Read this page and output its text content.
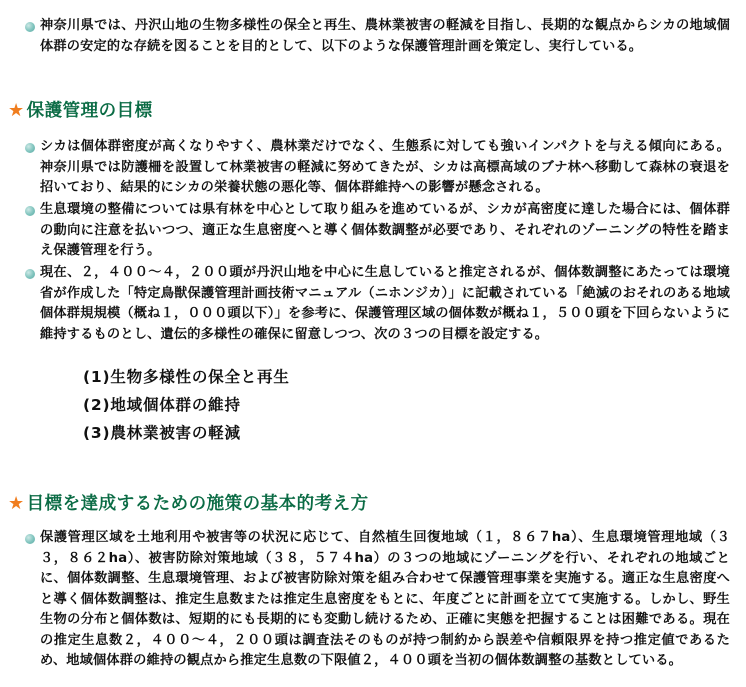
神奈川県では、丹沢山地の生物多様性の保全と再生、農林業被害の軽減を目指し、長期的な観点からシカの地域個体群の安定的な存続を図ることを目的として、以下のような保護管理計画を策定し、実行している。
★ 保護管理の目標
シカは個体群密度が高くなりやすく、農林業だけでなく、生態系に対しても強いインパクトを与える傾向にある。神奈川県では防護柵を設置して林業被害の軽減に努めてきたが、シカは高標高域のブナ林へ移動して森林の衰退を招いており、結果的にシカの栄養状態の悪化等、個体群維持への影響が懸念される。
生息環境の整備については県有林を中心として取り組みを進めているが、シカが高密度に達した場合には、個体群の動向に注意を払いつつ、適正な生息密度へと導く個体数調整が必要であり、それぞれのゾーニングの特性を踏まえ保護管理を行う。
現在、２，４００～４，２００頭が丹沢山地を中心に生息していると推定されるが、個体数調整にあたっては環境省が作成した「特定鳥獣保護管理計画技術マニュアル（ニホンジカ）」に記載されている「絶滅のおそれのある地域個体群規規模（概ね１，０００頭以下）」を参考に、保護管理区域の個体数が概ね１，５００頭を下回らないように維持するものとし、遺伝的多様性の確保に留意しつつ、次の３つの目標を設定する。
(1)生物多様性の保全と再生
(2)地域個体群の維持
(3)農林業被害の軽減
★ 目標を達成するための施策の基本的考え方
保護管理区域を土地利用や被害等の状況に応じて、自然植生回復地域（１，８６７ha）、生息環境管理地域（３３，８６２ha）、被害防除対策地域（３８，５７４ha）の３つの地域にゾーニングを行い、それぞれの地域ごとに、個体数調整、生息環境管理、および被害防除対策を組み合わせて保護管理事業を実施する。適正な生息密度へと導く個体数調整は、推定生息数または推定生息密度をもとに、年度ごとに計画を立てて実施する。しかし、野生生物の分布と個体数は、短期的にも長期的にも変動し続けるため、正確に実態を把握することは困難である。現在の推定生息数２，４００～４，２００頭は調査法そのものが持つ制約から誤差や信頼限界を持つ推定値であるため、地域個体群の維持の観点から推定生息数の下限値２，４００頭を当初の個体数調整の基数としている。
